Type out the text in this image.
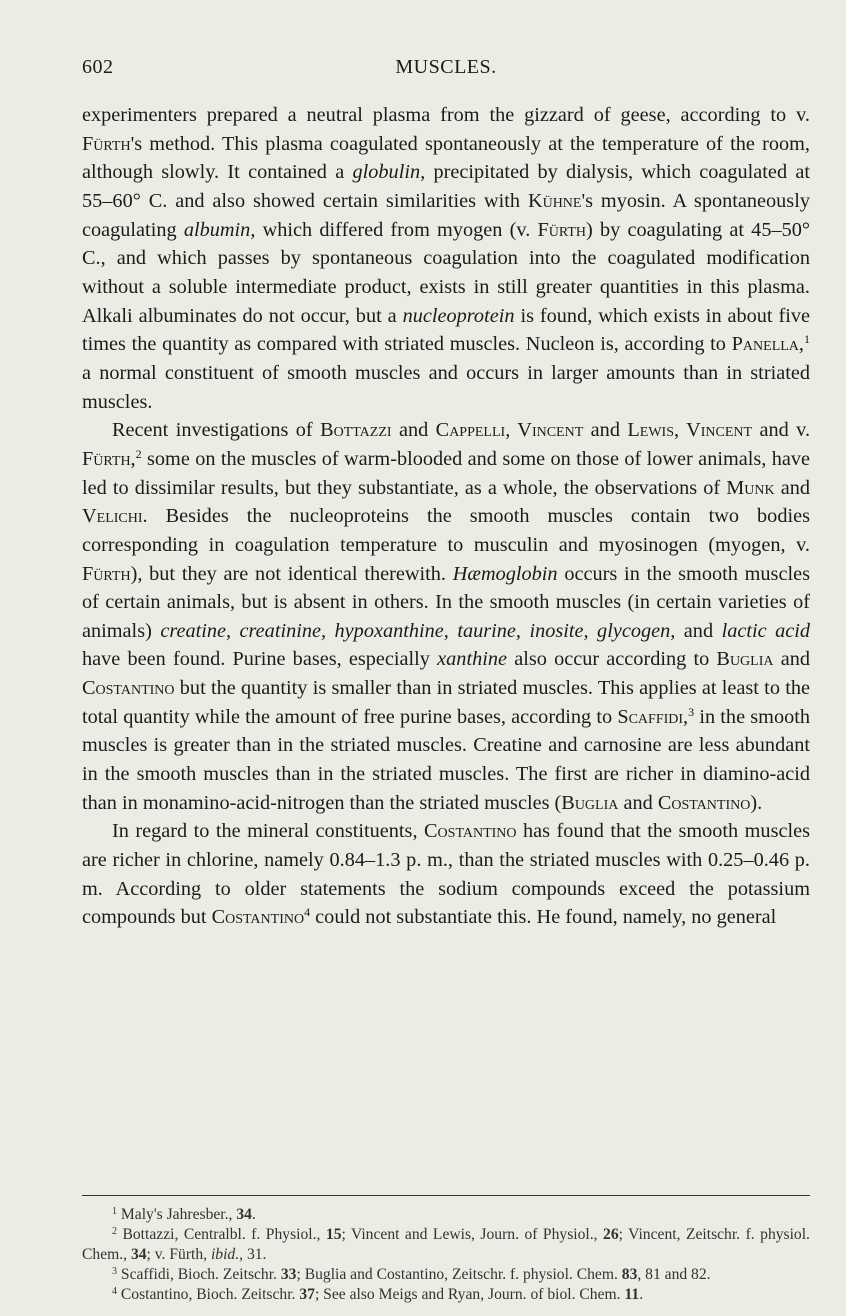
602	MUSCLES.

experimenters prepared a neutral plasma from the gizzard of geese, according to v. Fürth's method. This plasma coagulated spontaneously at the temperature of the room, although slowly. It contained a globulin, precipitated by dialysis, which coagulated at 55–60° C. and also showed certain similarities with Kühne's myosin. A spontaneously coagulating albumin, which differed from myogen (v. Fürth) by coagulating at 45–50° C., and which passes by spontaneous coagulation into the coagulated modification without a soluble intermediate product, exists in still greater quantities in this plasma. Alkali albuminates do not occur, but a nucleoprotein is found, which exists in about five times the quantity as compared with striated muscles. Nucleon is, according to Panella,$^1$ a normal constituent of smooth muscles and occurs in larger amounts than in striated muscles.

Recent investigations of Bottazzi and Cappelli, Vincent and Lewis, Vincent and v. Fürth,$^2$ some on the muscles of warm-blooded and some on those of lower animals, have led to dissimilar results, but they substantiate, as a whole, the observations of Munk and Velichi. Besides the nucleoproteins the smooth muscles contain two bodies corresponding in coagulation temperature to musculin and myosinogen (myogen, v. Fürth), but they are not identical therewith. Hæmoglobin occurs in the smooth muscles of certain animals, but is absent in others. In the smooth muscles (in certain varieties of animals) creatine, creatinine, hypoxanthine, taurine, inosite, glycogen, and lactic acid have been found. Purine bases, especially xanthine also occur according to Buglia and Costantino but the quantity is smaller than in striated muscles. This applies at least to the total quantity while the amount of free purine bases, according to Scaffidi,$^3$ in the smooth muscles is greater than in the striated muscles. Creatine and carnosine are less abundant in the smooth muscles than in the striated muscles. The first are richer in diamino-acid than in monamino-acid-nitrogen than the striated muscles (Buglia and Costantino).

In regard to the mineral constituents, Costantino has found that the smooth muscles are richer in chlorine, namely 0.84–1.3 p. m., than the striated muscles with 0.25–0.46 p. m. According to older statements the sodium compounds exceed the potassium compounds but Costantino$^4$ could not substantiate this. He found, namely, no general

$^1$ Maly's Jahresber., 34.

$^2$ Bottazzi, Centralbl. f. Physiol., 15; Vincent and Lewis, Journ. of Physiol., 26; Vincent, Zeitschr. f. physiol. Chem., 34; v. Fürth, ibid., 31.

$^3$ Scaffidi, Bioch. Zeitschr. 33; Buglia and Costantino, Zeitschr. f. physiol. Chem. 83, 81 and 82.

$^4$ Costantino, Bioch. Zeitschr. 37; See also Meigs and Ryan, Journ. of biol. Chem. 11.
